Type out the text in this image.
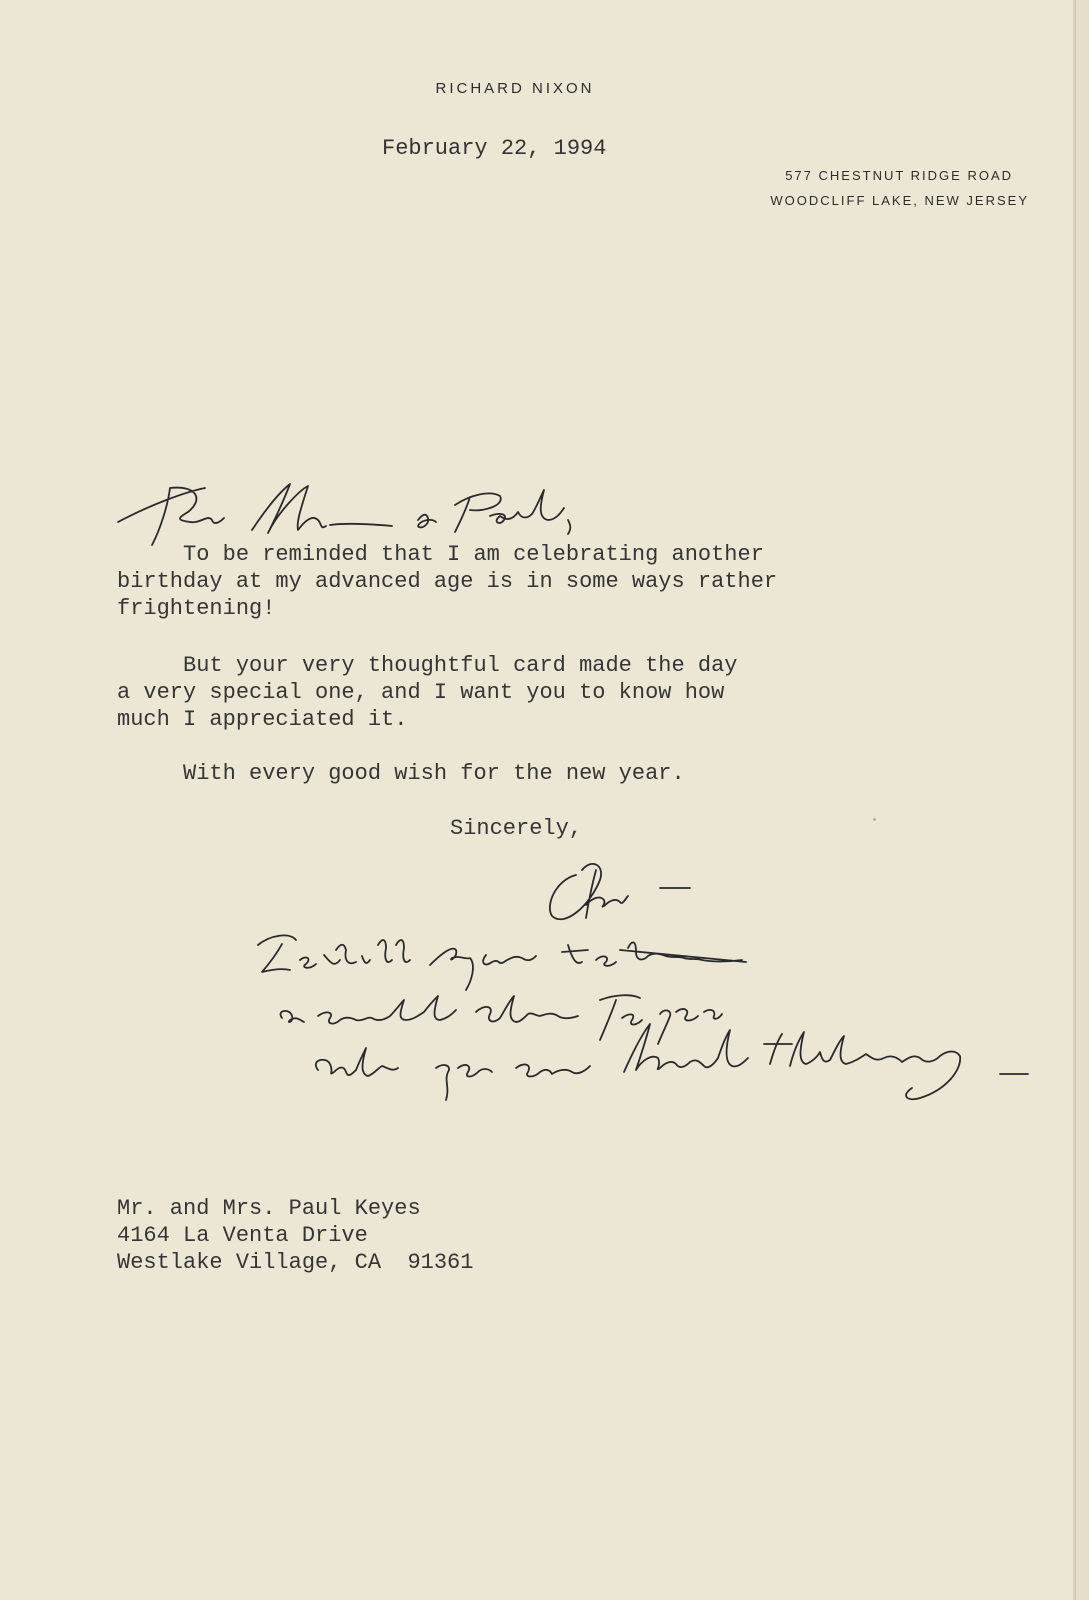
RICHARD NIXON
577 CHESTNUT RIDGE ROAD
WOODCLIFF LAKE, NEW JERSEY
February 22, 1994
To be reminded that I am celebrating another
birthday at my advanced age is in some ways rather
frightening!
But your very thoughtful card made the day
a very special one, and I want you to know how
much I appreciated it.
With every good wish for the new year.
Sincerely,
Mr. and Mrs. Paul Keyes
4164 La Venta Drive
Westlake Village, CA  91361
